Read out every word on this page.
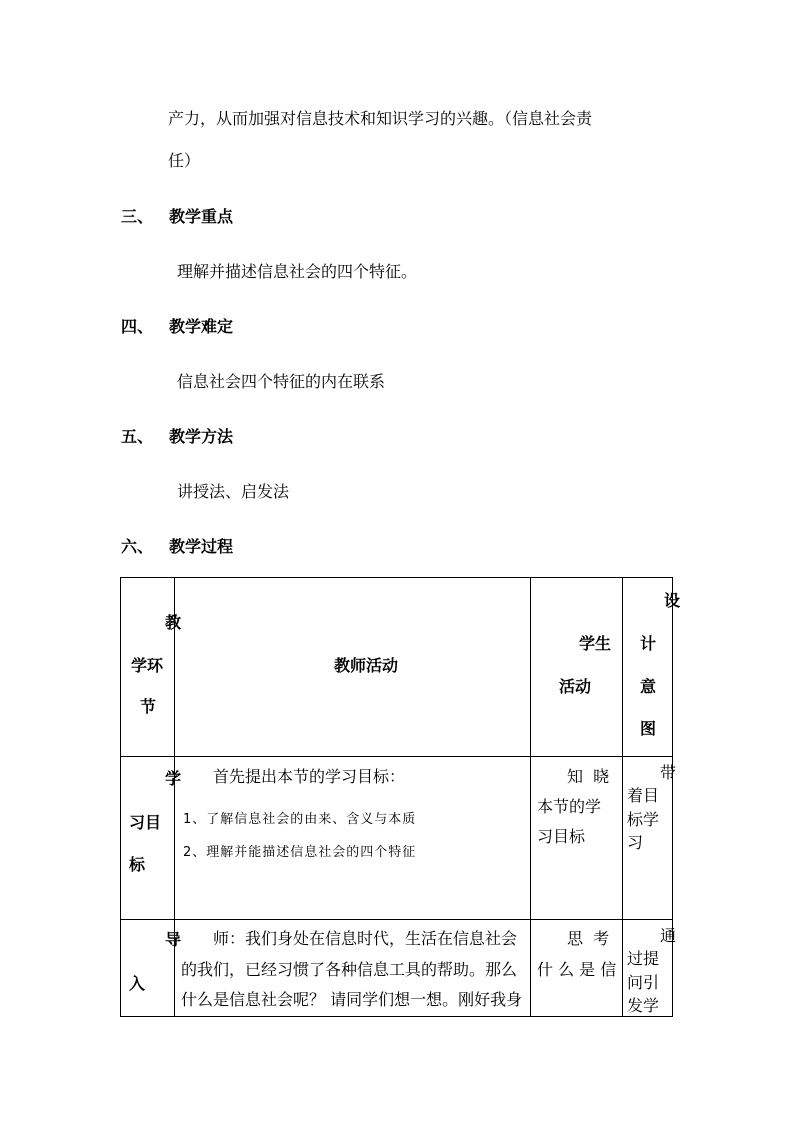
产力，从而加强对信息技术和知识学习的兴趣。（信息社会责
任）
三、 教学重点
理解并描述信息社会的四个特征。
四、 教学难定
信息社会四个特征的内在联系
五、 教学方法
讲授法、启发法
六、 教学过程
教
学环
节
教师活动
学生
活动
设
计
意
图
学
习目
标
首先提出本节的学习目标：
1、了解信息社会的由来、含义与本质
2、理解并能描述信息社会的四个特征
知  晓
本节的学
习目标
带
着目
标学
习
导
入
师：我们身处在信息时代，生活在信息社会
的我们，已经习惯了各种信息工具的帮助。那么
什么是信息社会呢？ 请同学们想一想。刚好我身
思  考
什 么 是 信
通
过提
问引
发学
